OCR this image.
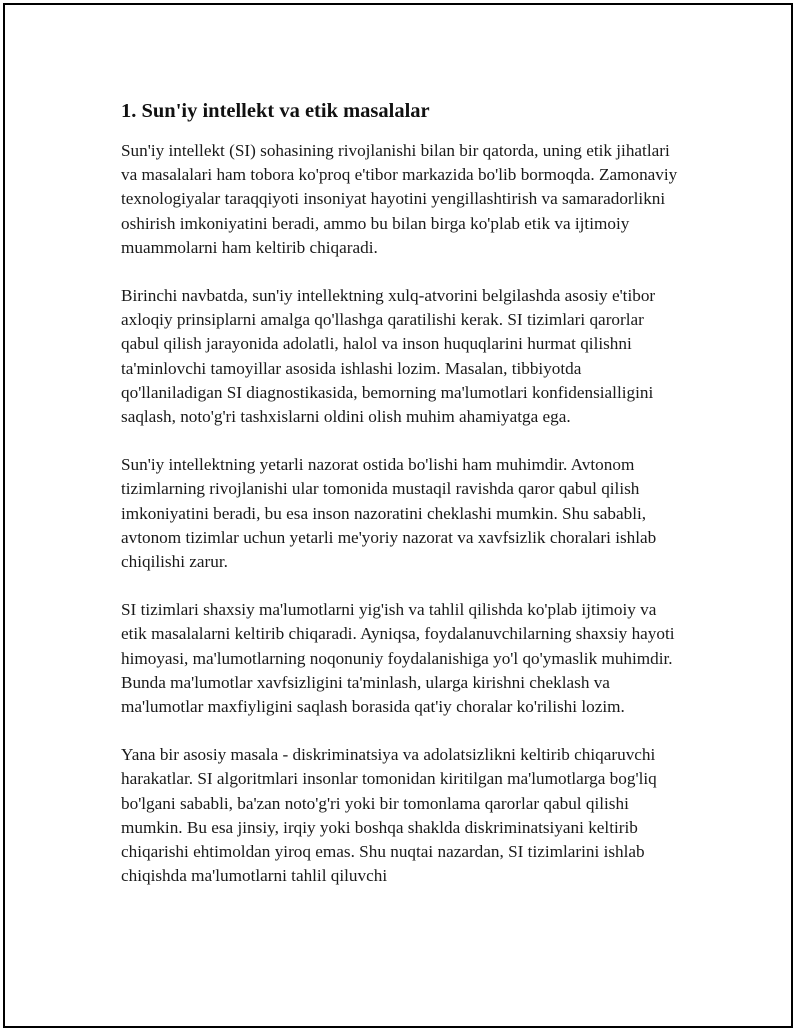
1. Sun'iy intellekt va etik masalalar

Sun'iy intellekt (SI) sohasining rivojlanishi bilan bir qatorda, uning etik jihatlari va masalalari ham tobora ko'proq e'tibor markazida bo'lib bormoqda. Zamonaviy texnologiyalar taraqqiyoti insoniyat hayotini yengillashtirish va samaradorlikni oshirish imkoniyatini beradi, ammo bu bilan birga ko'plab etik va ijtimoiy muammolarni ham keltirib chiqaradi.

Birinchi navbatda, sun'iy intellektning xulq-atvorini belgilashda asosiy e'tibor axloqiy prinsiplarni amalga qo'llashga qaratilishi kerak. SI tizimlari qarorlar qabul qilish jarayonida adolatli, halol va inson huquqlarini hurmat qilishni ta'minlovchi tamoyillar asosida ishlashi lozim. Masalan, tibbiyotda qo'llaniladigan SI diagnostikasida, bemorning ma'lumotlari konfidensialligini saqlash, noto'g'ri tashxislarni oldini olish muhim ahamiyatga ega.

Sun'iy intellektning yetarli nazorat ostida bo'lishi ham muhimdir. Avtonom tizimlarning rivojlanishi ular tomonida mustaqil ravishda qaror qabul qilish imkoniyatini beradi, bu esa inson nazoratini cheklashi mumkin. Shu sababli, avtonom tizimlar uchun yetarli me'yoriy nazorat va xavfsizlik choralari ishlab chiqilishi zarur.

SI tizimlari shaxsiy ma'lumotlarni yig'ish va tahlil qilishda ko'plab ijtimoiy va etik masalalarni keltirib chiqaradi. Ayniqsa, foydalanuvchilarning shaxsiy hayoti himoyasi, ma'lumotlarning noqonuniy foydalanishiga yo'l qo'ymaslik muhimdir. Bunda ma'lumotlar xavfsizligini ta'minlash, ularga kirishni cheklash va ma'lumotlar maxfiyligini saqlash borasida qat'iy choralar ko'rilishi lozim.

Yana bir asosiy masala - diskriminatsiya va adolatsizlikni keltirib chiqaruvchi harakatlar. SI algoritmlari insonlar tomonidan kiritilgan ma'lumotlarga bog'liq bo'lgani sababli, ba'zan noto'g'ri yoki bir tomonlama qarorlar qabul qilishi mumkin. Bu esa jinsiy, irqiy yoki boshqa shaklda diskriminatsiyani keltirib chiqarishi ehtimoldan yiroq emas. Shu nuqtai nazardan, SI tizimlarini ishlab chiqishda ma'lumotlarni tahlil qiluvchi
